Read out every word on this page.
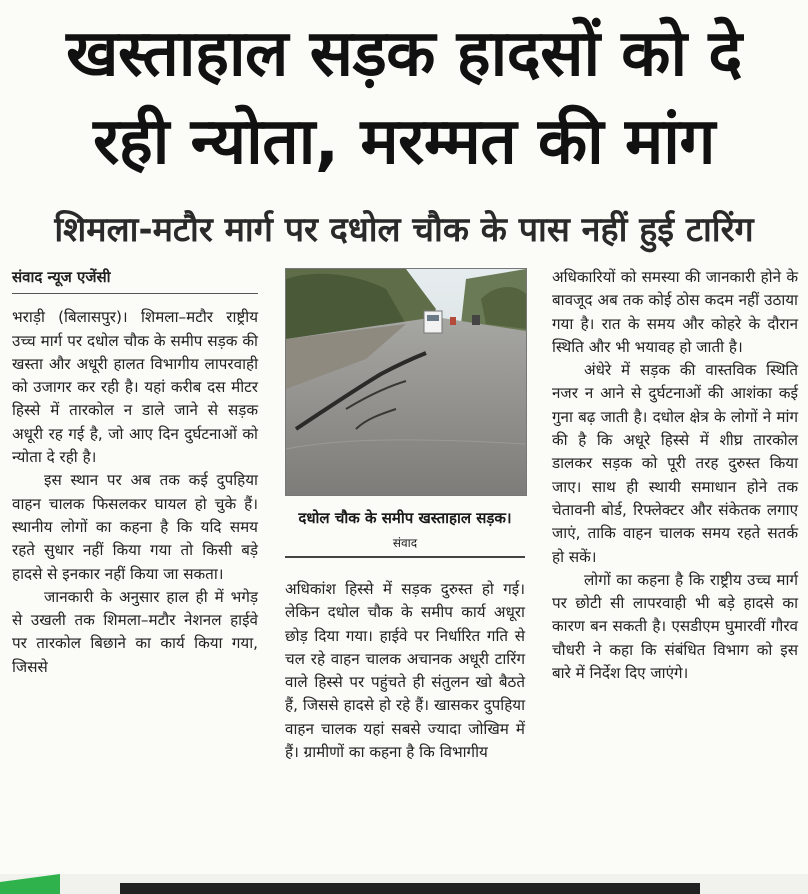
खस्ताहाल सड़क हादसों को दे
रही न्योता, मरम्मत की मांग
शिमला-मटौर मार्ग पर दधोल चौक के पास नहीं हुई टारिंग

संवाद न्यूज एजेंसी

भराड़ी (बिलासपुर)। शिमला–मटौर राष्ट्रीय उच्च मार्ग पर दधोल चौक के समीप सड़क की खस्ता और अधूरी हालत विभागीय लापरवाही को उजागर कर रही है। यहां करीब दस मीटर हिस्से में तारकोल न डाले जाने से सड़क अधूरी रह गई है, जो आए दिन दुर्घटनाओं को न्योता दे रही है।

इस स्थान पर अब तक कई दुपहिया वाहन चालक फिसलकर घायल हो चुके हैं। स्थानीय लोगों का कहना है कि यदि समय रहते सुधार नहीं किया गया तो किसी बड़े हादसे से इनकार नहीं किया जा सकता।

जानकारी के अनुसार हाल ही में भगेड़ से उखली तक शिमला–मटौर नेशनल हाईवे पर तारकोल बिछाने का कार्य किया गया, जिससे

दधोल चौक के समीप खस्ताहाल सड़क। संवाद

अधिकांश हिस्से में सड़क दुरुस्त हो गई। लेकिन दधोल चौक के समीप कार्य अधूरा छोड़ दिया गया। हाईवे पर निर्धारित गति से चल रहे वाहन चालक अचानक अधूरी टारिंग वाले हिस्से पर पहुंचते ही संतुलन खो बैठते हैं, जिससे हादसे हो रहे हैं। खासकर दुपहिया वाहन चालक यहां सबसे ज्यादा जोखिम में हैं। ग्रामीणों का कहना है कि विभागीय

अधिकारियों को समस्या की जानकारी होने के बावजूद अब तक कोई ठोस कदम नहीं उठाया गया है। रात के समय और कोहरे के दौरान स्थिति और भी भयावह हो जाती है।

अंधेरे में सड़क की वास्तविक स्थिति नजर न आने से दुर्घटनाओं की आशंका कई गुना बढ़ जाती है। दधोल क्षेत्र के लोगों ने मांग की है कि अधूरे हिस्से में शीघ्र तारकोल डालकर सड़क को पूरी तरह दुरुस्त किया जाए। साथ ही स्थायी समाधान होने तक चेतावनी बोर्ड, रिफ्लेक्टर और संकेतक लगाए जाएं, ताकि वाहन चालक समय रहते सतर्क हो सकें।

लोगों का कहना है कि राष्ट्रीय उच्च मार्ग पर छोटी सी लापरवाही भी बड़े हादसे का कारण बन सकती है। एसडीएम घुमारवीं गौरव चौधरी ने कहा कि संबंधित विभाग को इस बारे में निर्देश दिए जाएंगे।
